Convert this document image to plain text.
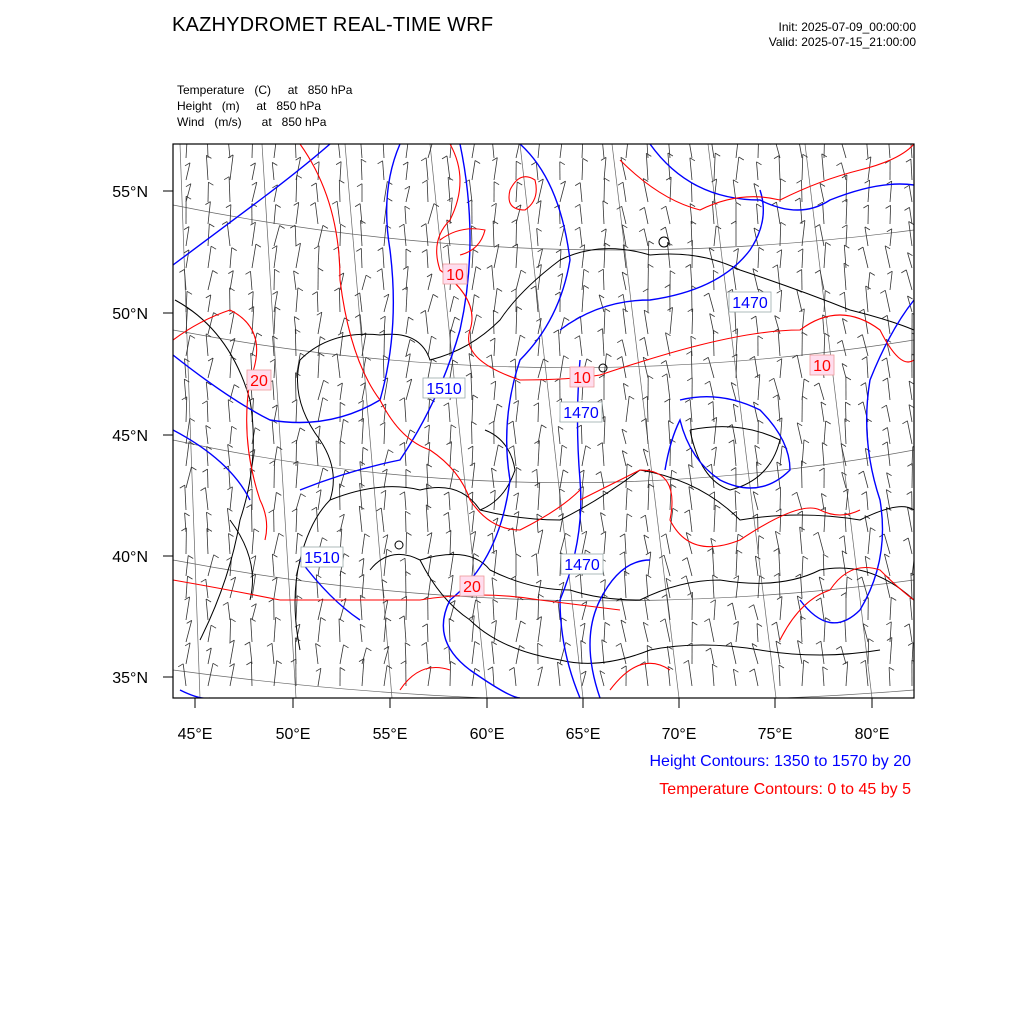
KAZHYDROMET REAL-TIME WRF	Init: 2025-07-09_00:00:00
Valid: 2025-07-15_21:00:00
Temperature   (C)     at   850 hPa
Height   (m)     at   850 hPa
Wind   (m/s)      at   850 hPa
55°N
50°N
45°N
40°N
35°N
45°E	50°E	55°E	60°E	65°E	70°E	75°E	80°E
1470
1510
1470
1510	1470
10
20	10
10
20
Height Contours: 1350 to 1570 by 20
Temperature Contours: 0 to 45 by 5
